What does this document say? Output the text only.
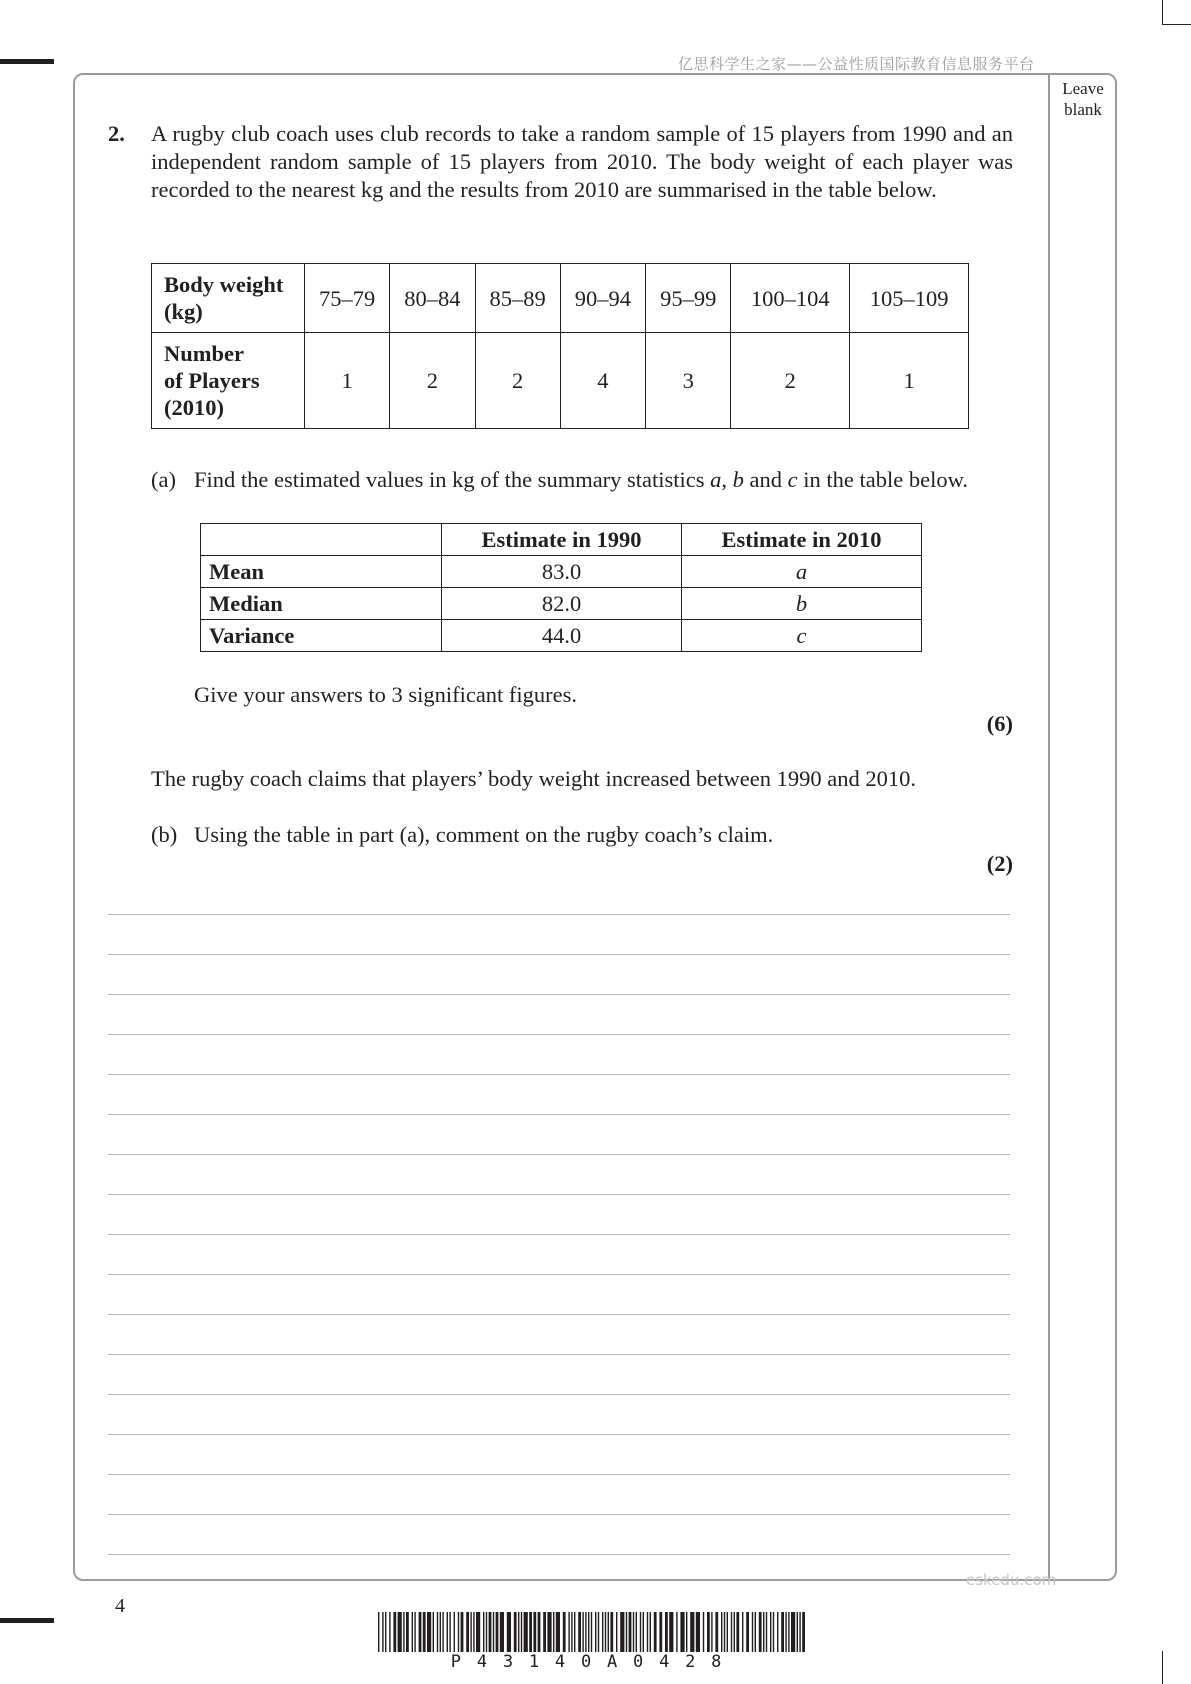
亿思科学生之家——公益性质国际教育信息服务平台
Leave
blank
2. A rugby club coach uses club records to take a random sample of 15 players from 1990 and an independent random sample of 15 players from 2010. The body weight of each player was recorded to the nearest kg and the results from 2010 are summarised in the table below.
Body weight
(kg)	75–79	80–84	85–89	90–94	95–99	100–104	105–109

Number
of Players
(2010)	1	2	2	4	3	2	1
(a) Find the estimated values in kg of the summary statistics a, b and c in the table below.
	Estimate in 1990	Estimate in 2010
Mean	83.0	a
Median	82.0	b
Variance	44.0	c
Give your answers to 3 significant figures.
(6)
The rugby coach claims that players’ body weight increased between 1990 and 2010.
(b) Using the table in part (a), comment on the rugby coach’s claim.
(2)
eskedu.com
4
P43140A0428
